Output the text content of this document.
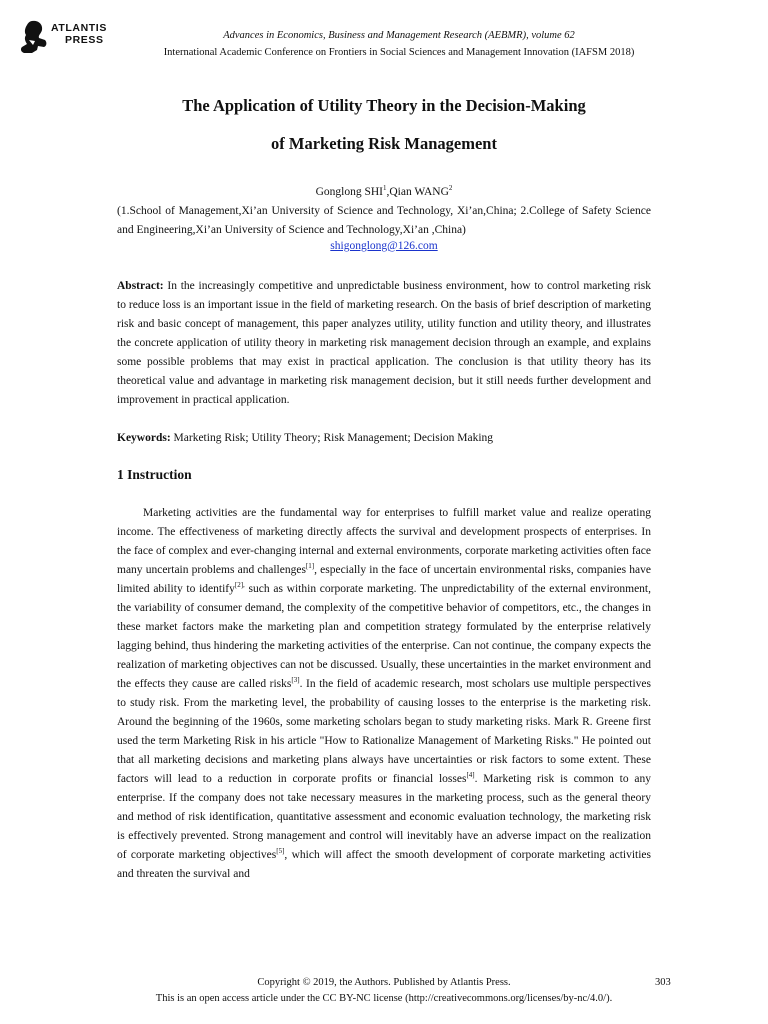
ATLANTIS
PRESS	Advances in Economics, Business and Management Research (AEBMR), volume 62
International Academic Conference on Frontiers in Social Sciences and Management Innovation (IAFSM 2018)
The Application of Utility Theory in the Decision-Making
of Marketing Risk Management
Gonglong SHI$^1$,Qian WANG$^2$
(1.School of Management,Xi’an University of Science and Technology, Xi’an,China; 2.College of Safety Science and Engineering,Xi’an University of Science and Technology,Xi’an ,China)
shigonglong@126.com
Abstract: In the increasingly competitive and unpredictable business environment, how to control marketing risk to reduce loss is an important issue in the field of marketing research. On the basis of brief description of marketing risk and basic concept of management, this paper analyzes utility, utility function and utility theory, and illustrates the concrete application of utility theory in marketing risk management decision through an example, and explains some possible problems that may exist in practical application. The conclusion is that utility theory has its theoretical value and advantage in marketing risk management decision, but it still needs further development and improvement in practical application.
Keywords: Marketing Risk; Utility Theory; Risk Management; Decision Making
1 Instruction

Marketing activities are the fundamental way for enterprises to fulfill market value and realize operating income. The effectiveness of marketing directly affects the survival and development prospects of enterprises. In the face of complex and ever-changing internal and external environments, corporate marketing activities often face many uncertain problems and challenges[1], especially in the face of uncertain environmental risks, companies have limited ability to identify$^{[2],}$ such as within corporate marketing. The unpredictability of the external environment, the variability of consumer demand, the complexity of the competitive behavior of competitors, etc., the changes in these market factors make the marketing plan and competition strategy formulated by the enterprise relatively lagging behind, thus hindering the marketing activities of the enterprise. Can not continue, the company expects the realization of marketing objectives can not be discussed. Usually, these uncertainties in the market environment and the effects they cause are called risks[3]. In the field of academic research, most scholars use multiple perspectives to study risk. From the marketing level, the probability of causing losses to the enterprise is the marketing risk. Around the beginning of the 1960s, some marketing scholars began to study marketing risks. Mark R. Greene first used the term Marketing Risk in his article "How to Rationalize Management of Marketing Risks." He pointed out that all marketing decisions and marketing plans always have uncertainties or risk factors to some extent. These factors will lead to a reduction in corporate profits or financial losses[4]. Marketing risk is common to any enterprise. If the company does not take necessary measures in the marketing process, such as the general theory and method of risk identification, quantitative assessment and economic evaluation technology, the marketing risk is effectively prevented. Strong management and control will inevitably have an adverse impact on the realization of corporate marketing objectives[5], which will affect the smooth development of corporate marketing activities and threaten the survival and

Copyright © 2019, the Authors. Published by Atlantis Press.	303
This is an open access article under the CC BY-NC license (http://creativecommons.org/licenses/by-nc/4.0/).
